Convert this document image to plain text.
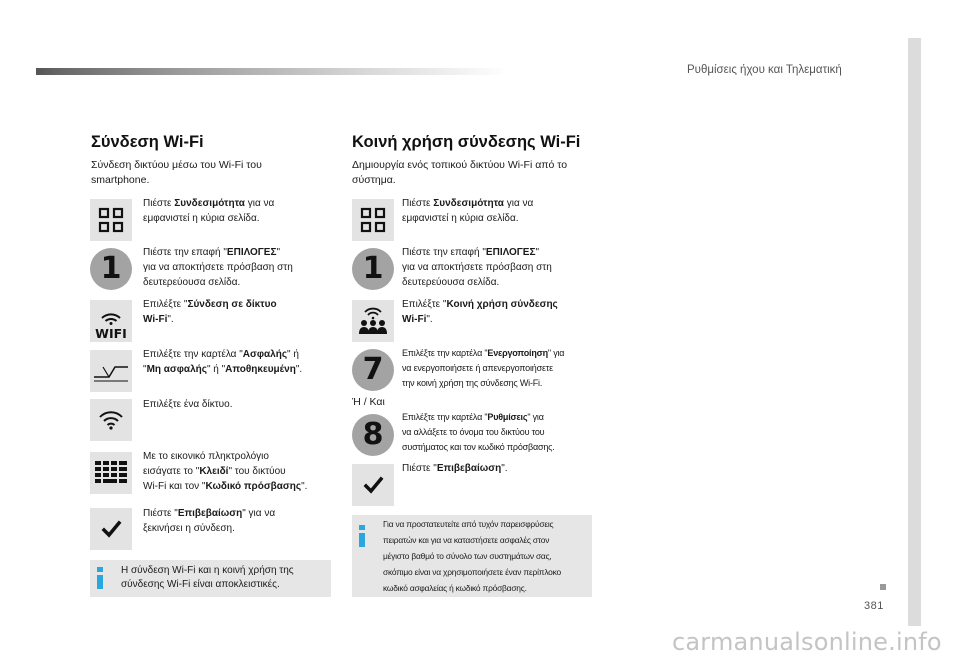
Ρυθμίσεις ήχου και Τηλεματική
381
Σύνδεση Wi-Fi
Σύνδεση δικτύου μέσω του Wi-Fi του
smartphone.
Πιέστε Συνδεσιμότητα για να
εμφανιστεί η κύρια σελίδα.
1	Πιέστε την επαφή "ΕΠΙΛΟΓΕΣ"
για να αποκτήσετε πρόσβαση στη
δευτερεύουσα σελίδα.
WIFI
Επιλέξτε "Σύνδεση σε δίκτυο
Wi-Fi".
Επιλέξτε την καρτέλα "Ασφαλής" ή
"Μη ασφαλής" ή "Αποθηκευμένη".
Επιλέξτε ένα δίκτυο.
Με το εικονικό πληκτρολόγιο
εισάγατε το "Κλειδί" του δικτύου
Wi-Fi και τον "Κωδικό πρόσβασης".
Πιέστε "Επιβεβαίωση" για να
ξεκινήσει η σύνδεση.
Η σύνδεση Wi-Fi και η κοινή χρήση της
σύνδεσης Wi-Fi είναι αποκλειστικές.
Κοινή χρήση σύνδεσης Wi-Fi
Δημιουργία ενός τοπικού δικτύου Wi-Fi από το
σύστημα.
Πιέστε Συνδεσιμότητα για να
εμφανιστεί η κύρια σελίδα.
1	Πιέστε την επαφή "ΕΠΙΛΟΓΕΣ"
για να αποκτήσετε πρόσβαση στη
δευτερεύουσα σελίδα.
Επιλέξτε "Κοινή χρήση σύνδεσης
Wi-Fi".
7	Επιλέξτε την καρτέλα "Ενεργοποίηση" για
να ενεργοποιήσετε ή απενεργοποιήσετε
την κοινή χρήση της σύνδεσης Wi-Fi.
Ή / Και
8	Επιλέξτε την καρτέλα "Ρυθμίσεις" για
να αλλάξετε το όνομα του δικτύου του
συστήματος και τον κωδικό πρόσβασης.
Πιέστε "Επιβεβαίωση".
Για να προστατευτείτε από τυχόν παρεισφρύσεις
πειρατών και για να καταστήσετε ασφαλές στον
μέγιστο βαθμό το σύνολο των συστημάτων σας,
σκόπιμο είναι να χρησιμοποιήσετε έναν περίπλοκο
κωδικό ασφαλείας ή κωδικό πρόσβασης.
carmanualsonline.info
